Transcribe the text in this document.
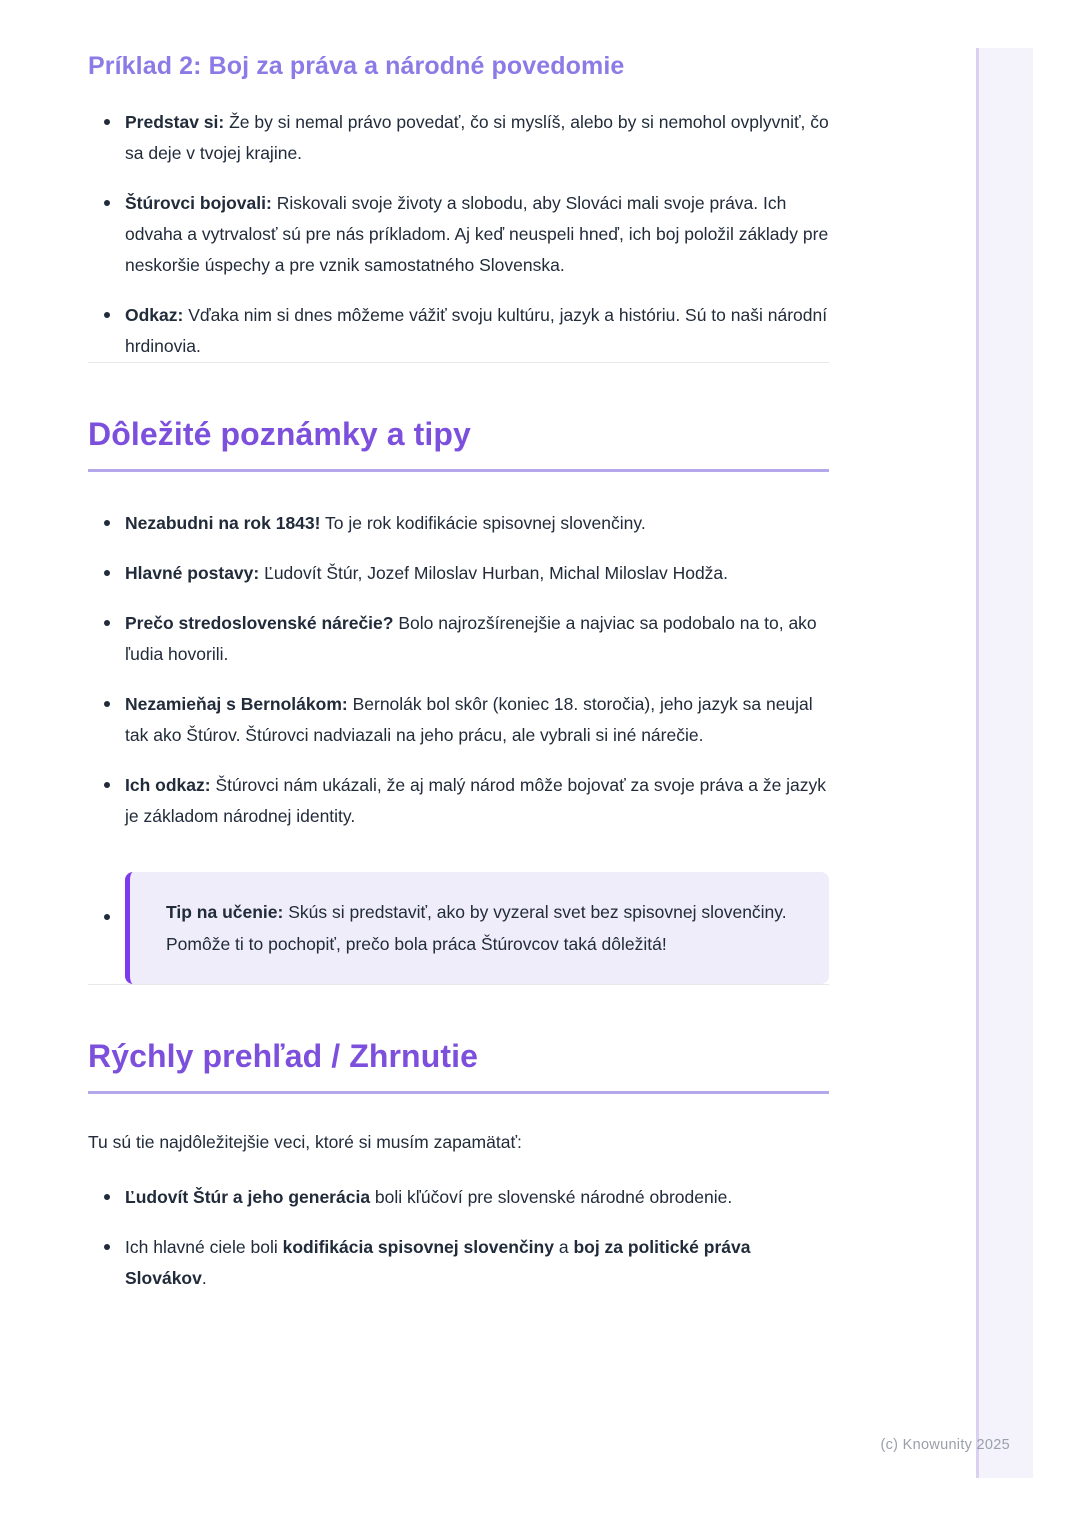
Príklad 2: Boj za práva a národné povedomie

Predstav si: Že by si nemal právo povedať, čo si myslíš, alebo by si nemohol ovplyvniť, čo sa deje v tvojej krajine.

Štúrovci bojovali: Riskovali svoje životy a slobodu, aby Slováci mali svoje práva. Ich odvaha a vytrvalosť sú pre nás príkladom. Aj keď neuspeli hneď, ich boj položil základy pre neskoršie úspechy a pre vznik samostatného Slovenska.

Odkaz: Vďaka nim si dnes môžeme vážiť svoju kultúru, jazyk a históriu. Sú to naši národní hrdinovia.

Dôležité poznámky a tipy

Nezabudni na rok 1843! To je rok kodifikácie spisovnej slovenčiny.

Hlavné postavy: Ľudovít Štúr, Jozef Miloslav Hurban, Michal Miloslav Hodža.

Prečo stredoslovenské nárečie? Bolo najrozšírenejšie a najviac sa podobalo na to, ako ľudia hovorili.

Nezamieňaj s Bernolákom: Bernolák bol skôr (koniec 18. storočia), jeho jazyk sa neujal tak ako Štúrov. Štúrovci nadviazali na jeho prácu, ale vybrali si iné nárečie.

Ich odkaz: Štúrovci nám ukázali, že aj malý národ môže bojovať za svoje práva a že jazyk je základom národnej identity.

Tip na učenie: Skús si predstaviť, ako by vyzeral svet bez spisovnej slovenčiny. Pomôže ti to pochopiť, prečo bola práca Štúrovcov taká dôležitá!

Rýchly prehľad / Zhrnutie

Tu sú tie najdôležitejšie veci, ktoré si musím zapamätať:

Ľudovít Štúr a jeho generácia boli kľúčoví pre slovenské národné obrodenie.

Ich hlavné ciele boli kodifikácia spisovnej slovenčiny a boj za politické práva Slovákov.

(c) Knowunity 2025
